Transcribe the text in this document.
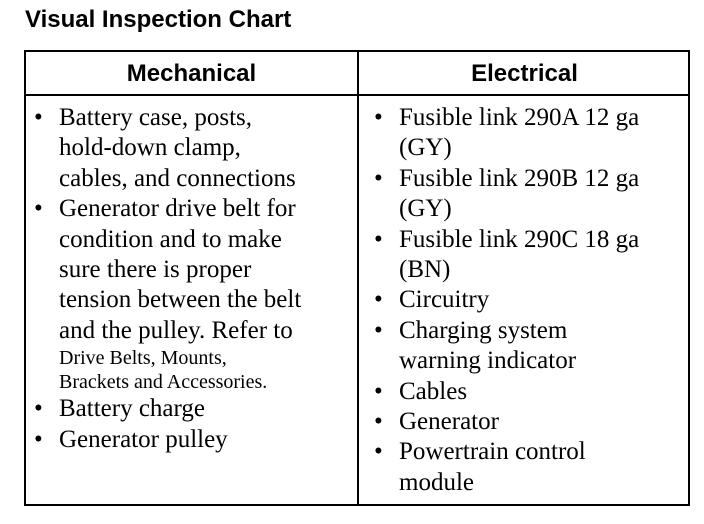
Visual Inspection Chart
Mechanical	Electrical
• Battery case, posts,
hold-down clamp,
cables, and connections
• Generator drive belt for
condition and to make
sure there is proper
tension between the belt
and the pulley. Refer to
Drive Belts, Mounts,
Brackets and Accessories.
• Battery charge
• Generator pulley
• Fusible link 290A 12 ga
(GY)
• Fusible link 290B 12 ga
(GY)
• Fusible link 290C 18 ga
(BN)
• Circuitry
• Charging system
warning indicator
• Cables
• Generator
• Powertrain control
module
